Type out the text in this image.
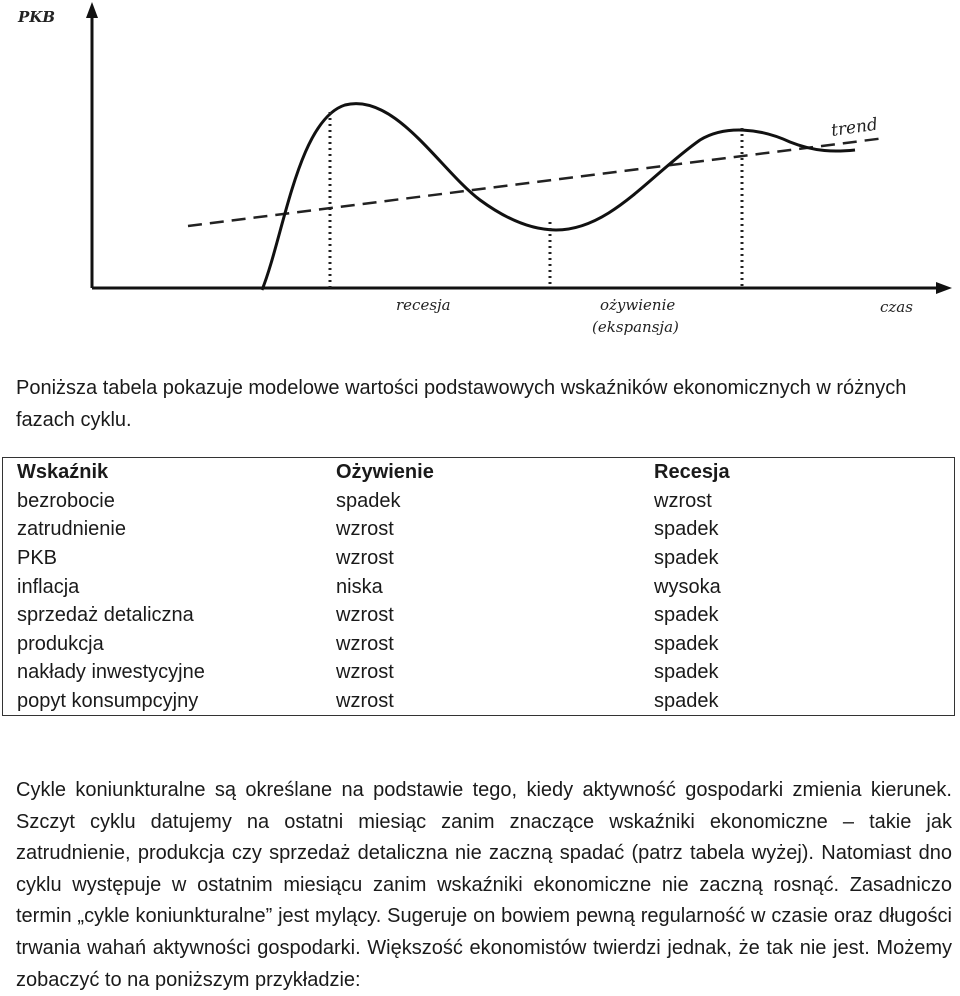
PKB
trend
recesja	ożywienie
(ekspansja)
czas
Poniższa tabela pokazuje modelowe wartości podstawowych wskaźników ekonomicznych w różnych fazach cyklu.
Wskaźnik	Ożywienie	Recesja
bezrobocie	spadek	wzrost
zatrudnienie	wzrost	spadek
PKB	wzrost	spadek
inflacja	niska	wysoka
sprzedaż detaliczna	wzrost	spadek
produkcja	wzrost	spadek
nakłady inwestycyjne	wzrost	spadek
popyt konsumpcyjny	wzrost	spadek

Cykle koniunkturalne są określane na podstawie tego, kiedy aktywność gospodarki zmienia kierunek. Szczyt cyklu datujemy na ostatni miesiąc zanim znaczące wskaźniki ekonomiczne – takie jak zatrudnienie, produkcja czy sprzedaż detaliczna nie zaczną spadać (patrz tabela wyżej). Natomiast dno cyklu występuje w ostatnim miesiącu zanim wskaźniki ekonomiczne nie zaczną rosnąć. Zasadniczo termin „cykle koniunkturalne” jest mylący. Sugeruje on bowiem pewną regularność w czasie oraz długości trwania wahań aktywności gospodarki. Większość ekonomistów twierdzi jednak, że tak nie jest. Możemy zobaczyć to na poniższym przykładzie:
